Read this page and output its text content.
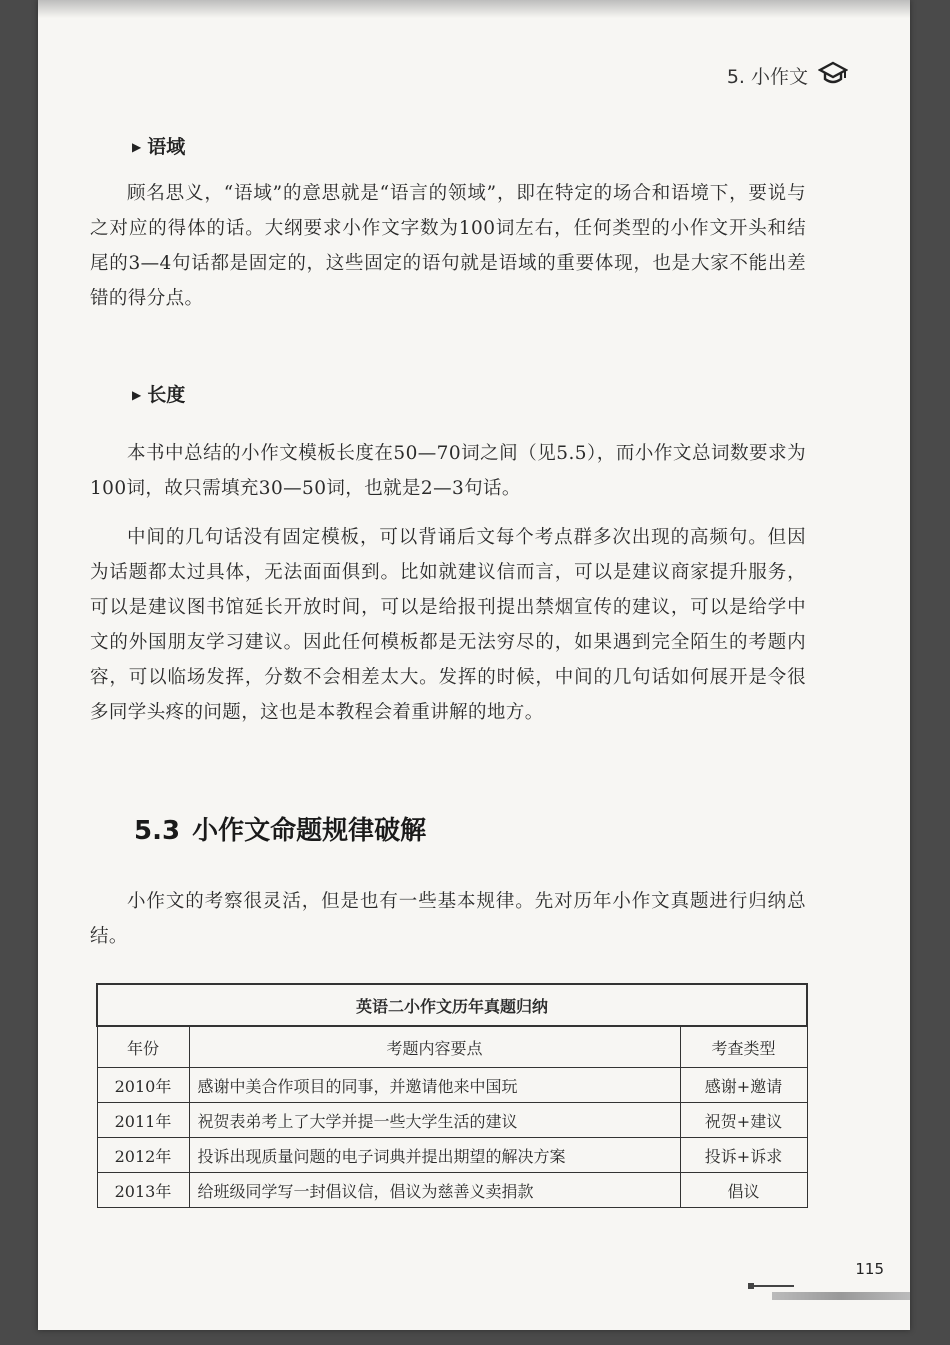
5. 小作文
▶ 语域

顾名思义，“语域”的意思就是“语言的领域”，即在特定的场合和语境下，要说与之对应的得体的话。大纲要求小作文字数为100词左右，任何类型的小作文开头和结尾的3—4句话都是固定的，这些固定的语句就是语域的重要体现，也是大家不能出差错的得分点。

▶ 长度

本书中总结的小作文模板长度在50—70词之间（见5.5），而小作文总词数要求为100词，故只需填充30—50词，也就是2—3句话。

中间的几句话没有固定模板，可以背诵后文每个考点群多次出现的高频句。但因为话题都太过具体，无法面面俱到。比如就建议信而言，可以是建议商家提升服务，可以是建议图书馆延长开放时间，可以是给报刊提出禁烟宣传的建议，可以是给学中文的外国朋友学习建议。因此任何模板都是无法穷尽的，如果遇到完全陌生的考题内容，可以临场发挥，分数不会相差太大。发挥的时候，中间的几句话如何展开是令很多同学头疼的问题，这也是本教程会着重讲解的地方。

5.3 小作文命题规律破解

小作文的考察很灵活，但是也有一些基本规律。先对历年小作文真题进行归纳总结。

英语二小作文历年真题归纳		
年份	考题内容要点	考查类型
2010年	感谢中美合作项目的同事，并邀请他来中国玩	感谢+邀请
2011年	祝贺表弟考上了大学并提一些大学生活的建议	祝贺+建议
2012年	投诉出现质量问题的电子词典并提出期望的解决方案	投诉+诉求
2013年	给班级同学写一封倡议信，倡议为慈善义卖捐款	倡议
115
